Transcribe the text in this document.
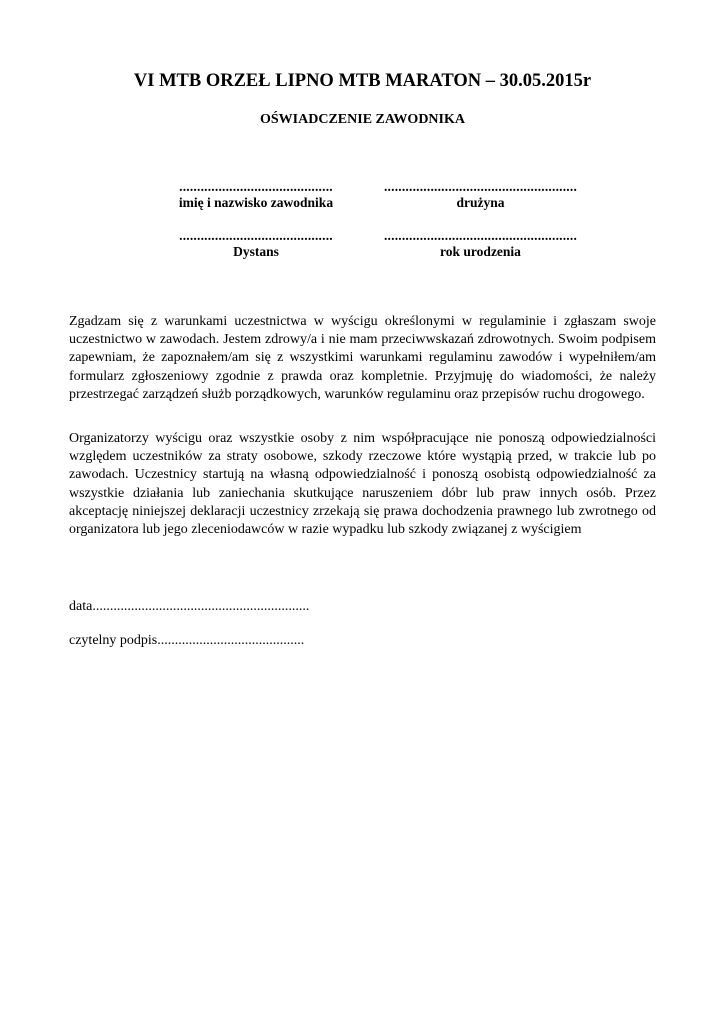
VI MTB ORZEŁ LIPNO MTB MARATON – 30.05.2015r
OŚWIADCZENIE ZAWODNIKA
...........................................
imię i nazwisko zawodnika
......................................................
drużyna
...........................................
Dystans
......................................................
rok urodzenia

Zgadzam się z warunkami uczestnictwa w wyścigu określonymi w regulaminie i zgłaszam swoje uczestnictwo w zawodach. Jestem zdrowy/a i nie mam przeciwwskazań zdrowotnych. Swoim podpisem zapewniam, że zapoznałem/am się z wszystkimi warunkami regulaminu zawodów i wypełniłem/am formularz zgłoszeniowy zgodnie z prawda oraz kompletnie. Przyjmuję do wiadomości, że należy przestrzegać zarządzeń służb porządkowych, warunków regulaminu oraz przepisów ruchu drogowego.

Organizatorzy wyścigu oraz wszystkie osoby z nim współpracujące nie ponoszą odpowiedzialności względem uczestników za straty osobowe, szkody rzeczowe które wystąpią przed, w trakcie lub po zawodach. Uczestnicy startują na własną odpowiedzialność i ponoszą osobistą odpowiedzialność za wszystkie działania lub zaniechania skutkujące naruszeniem dóbr lub praw innych osób. Przez akceptację niniejszej deklaracji uczestnicy zrzekają się prawa dochodzenia prawnego lub zwrotnego od organizatora lub jego zleceniodawców w razie wypadku lub szkody związanej z wyścigiem

data..............................................................
czytelny podpis..........................................
